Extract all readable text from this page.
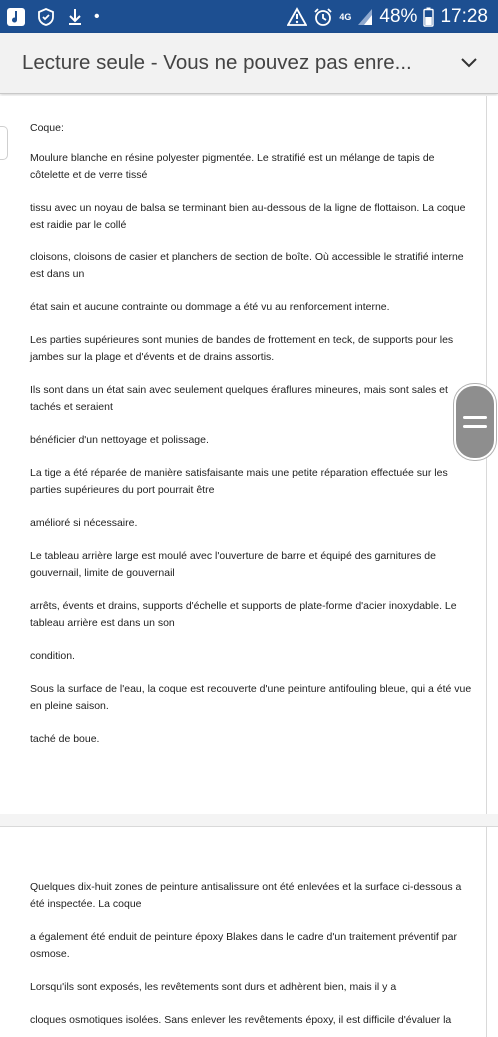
•	4G 48% 17:28
Lecture seule - Vous ne pouvez pas enre...

Coque:

Moulure blanche en résine polyester pigmentée. Le stratifié est un mélange de tapis de côtelette et de verre tissé

tissu avec un noyau de balsa se terminant bien au-dessous de la ligne de flottaison. La coque est raidie par le collé

cloisons, cloisons de casier et planchers de section de boîte. Où accessible le stratifié interne est dans un

état sain et aucune contrainte ou dommage a été vu au renforcement interne.

Les parties supérieures sont munies de bandes de frottement en teck, de supports pour les jambes sur la plage et d'évents et de drains assortis.

Ils sont dans un état sain avec seulement quelques éraflures mineures, mais sont sales et tachés et seraient

bénéficier d'un nettoyage et polissage.

La tige a été réparée de manière satisfaisante mais une petite réparation effectuée sur les parties supérieures du port pourrait être

amélioré si nécessaire.

Le tableau arrière large est moulé avec l'ouverture de barre et équipé des garnitures de gouvernail, limite de gouvernail

arrêts, évents et drains, supports d'échelle et supports de plate-forme d'acier inoxydable. Le tableau arrière est dans un son

condition.

Sous la surface de l'eau, la coque est recouverte d'une peinture antifouling bleue, qui a été vue en pleine saison.

taché de boue.

Quelques dix-huit zones de peinture antisalissure ont été enlevées et la surface ci-dessous a été inspectée. La coque

a également été enduit de peinture époxy Blakes dans le cadre d'un traitement préventif par osmose.

Lorsqu'ils sont exposés, les revêtements sont durs et adhèrent bien, mais il y a

cloques osmotiques isolées. Sans enlever les revêtements époxy, il est difficile d'évaluer la
